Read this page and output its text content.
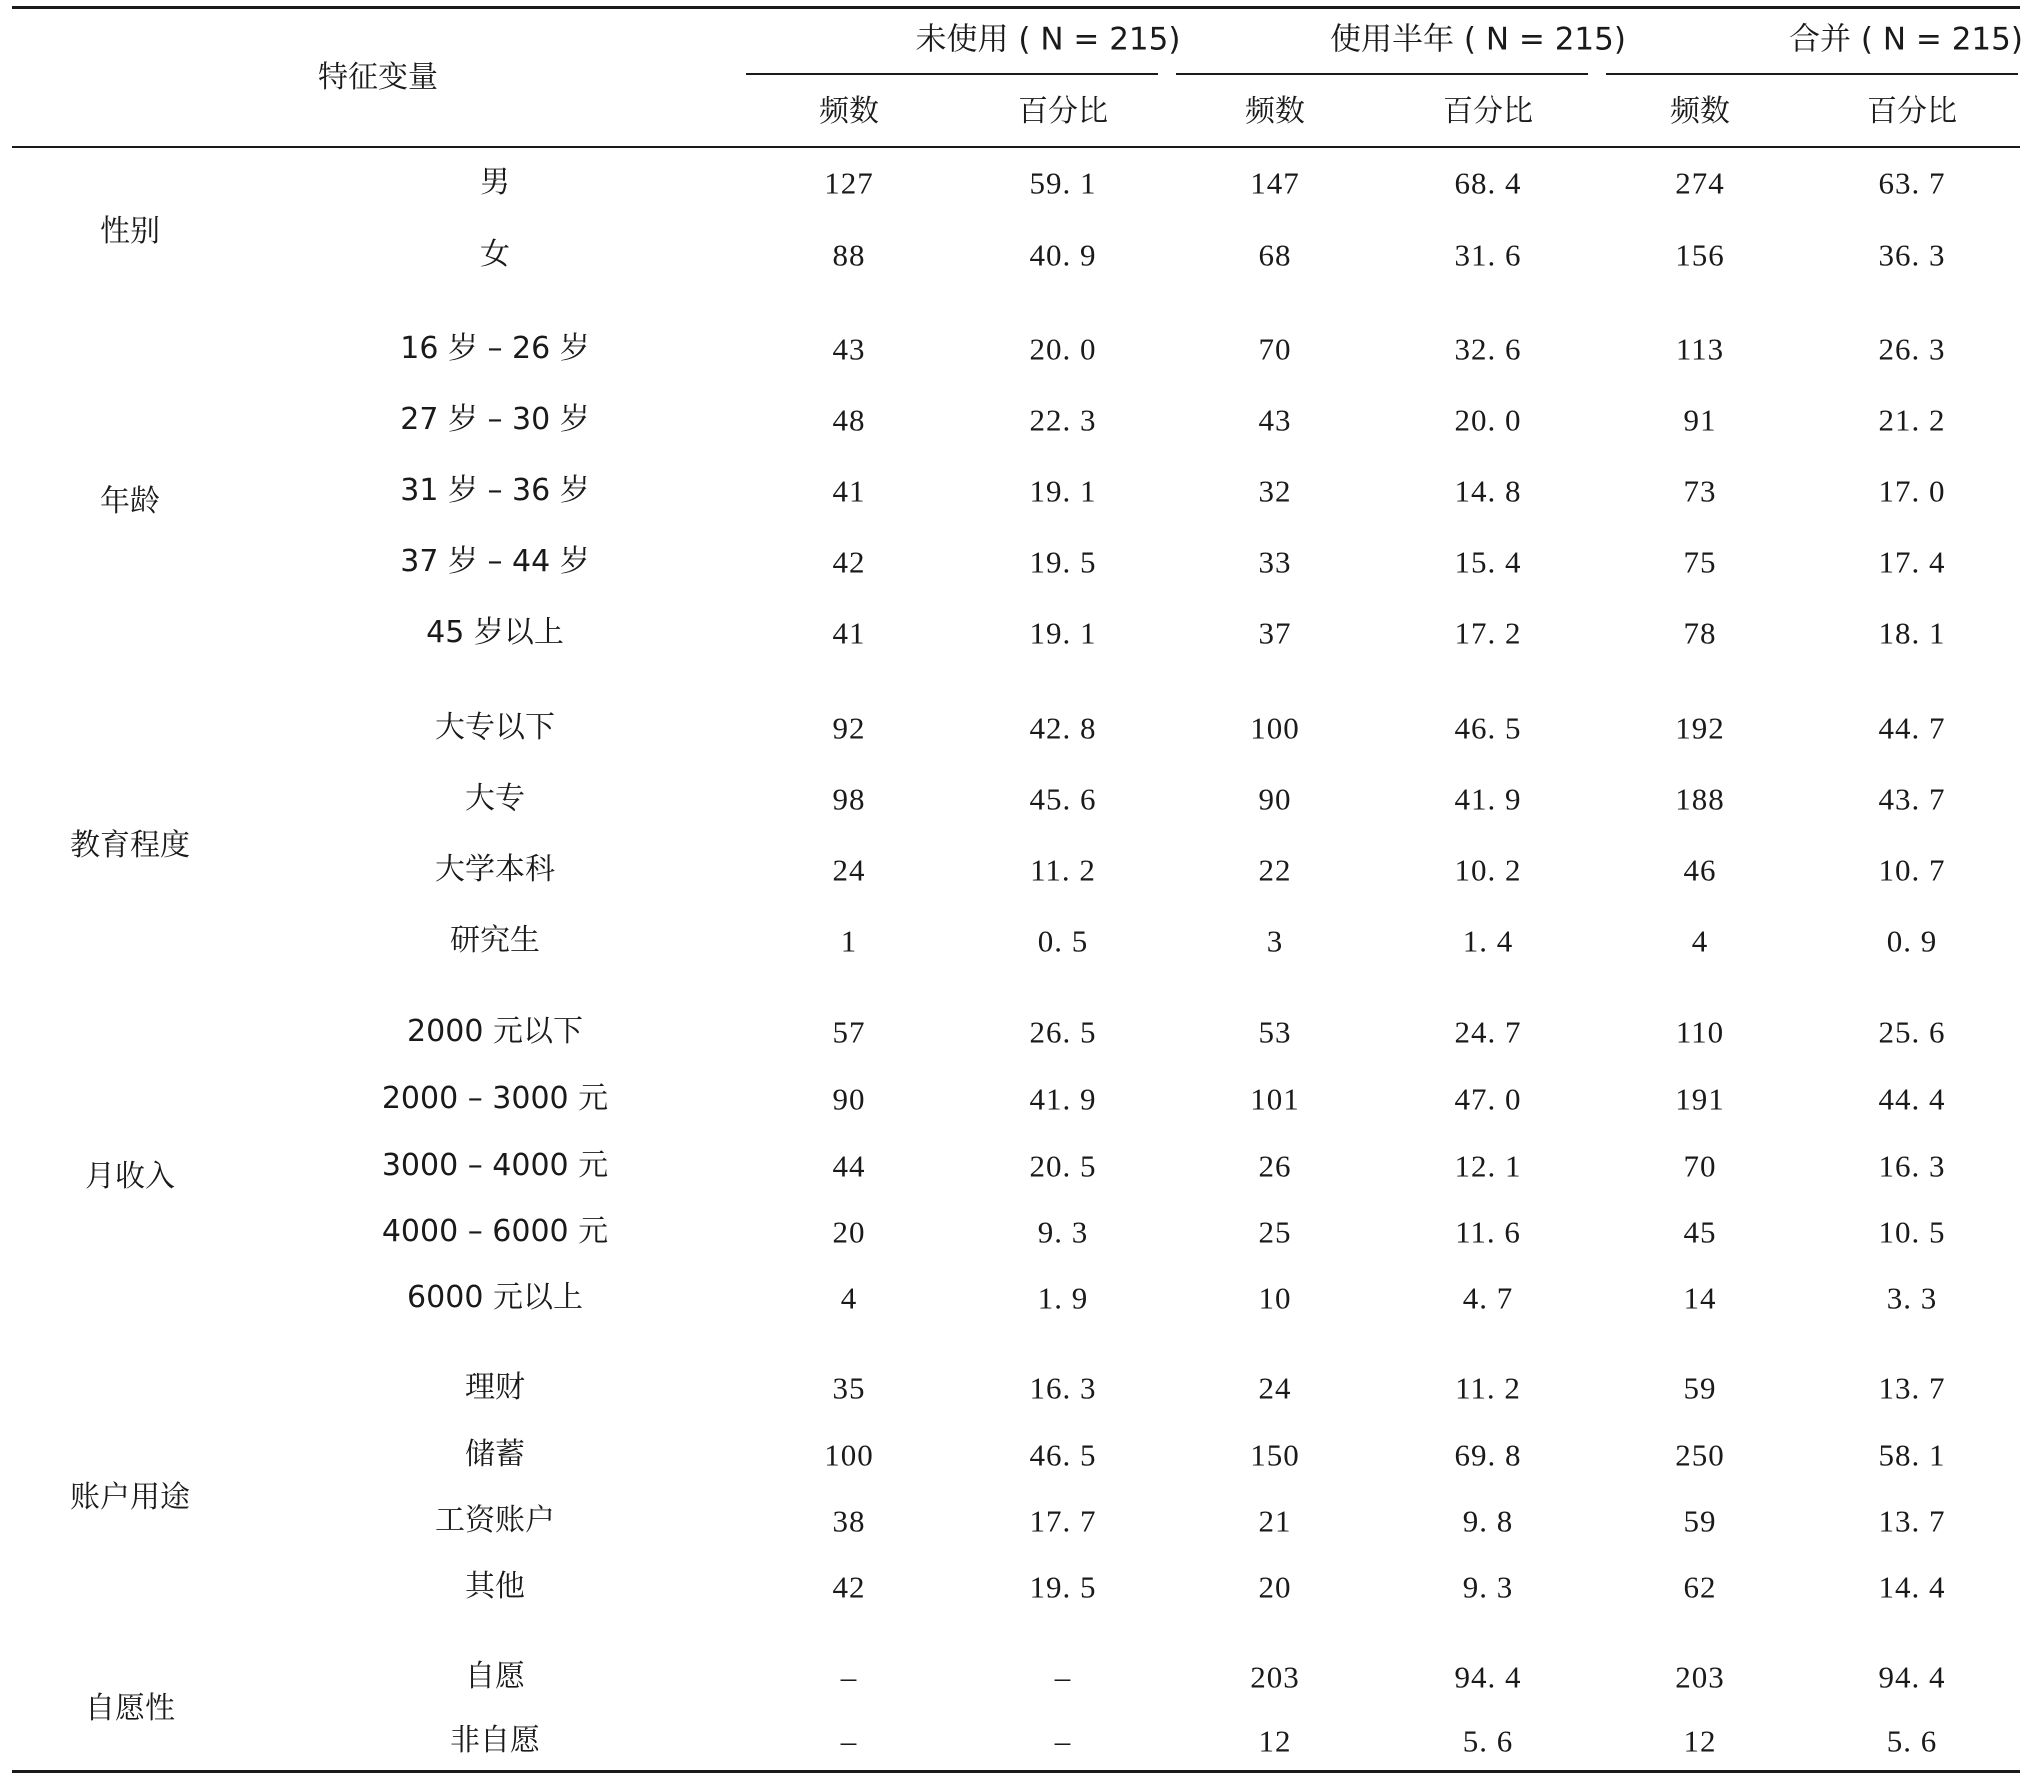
特征变量
未使用 ( N = 215)	使用半年 ( N = 215)	合并 ( N = 215)
频数	百分比	频数	百分比	频数	百分比
性别
男	127	59. 1	147	68. 4	274	63. 7
女	88	40. 9	68	31. 6	156	36. 3
年龄
16 岁 – 26 岁	43	20. 0	70	32. 6	113	26. 3
27 岁 – 30 岁	48	22. 3	43	20. 0	91	21. 2
31 岁 – 36 岁	41	19. 1	32	14. 8	73	17. 0
37 岁 – 44 岁	42	19. 5	33	15. 4	75	17. 4
45 岁以上	41	19. 1	37	17. 2	78	18. 1
教育程度
大专以下	92	42. 8	100	46. 5	192	44. 7
大专	98	45. 6	90	41. 9	188	43. 7
大学本科	24	11. 2	22	10. 2	46	10. 7
研究生	1	0. 5	3	1. 4	4	0. 9
月收入
2000 元以下	57	26. 5	53	24. 7	110	25. 6
2000 – 3000 元	90	41. 9	101	47. 0	191	44. 4
3000 – 4000 元	44	20. 5	26	12. 1	70	16. 3
4000 – 6000 元	20	9. 3	25	11. 6	45	10. 5
6000 元以上	4	1. 9	10	4. 7	14	3. 3
账户用途
理财	35	16. 3	24	11. 2	59	13. 7
储蓄	100	46. 5	150	69. 8	250	58. 1
工资账户	38	17. 7	21	9. 8	59	13. 7
其他	42	19. 5	20	9. 3	62	14. 4
自愿性
自愿	–	–	203	94. 4	203	94. 4
非自愿	–	–	12	5. 6	12	5. 6
